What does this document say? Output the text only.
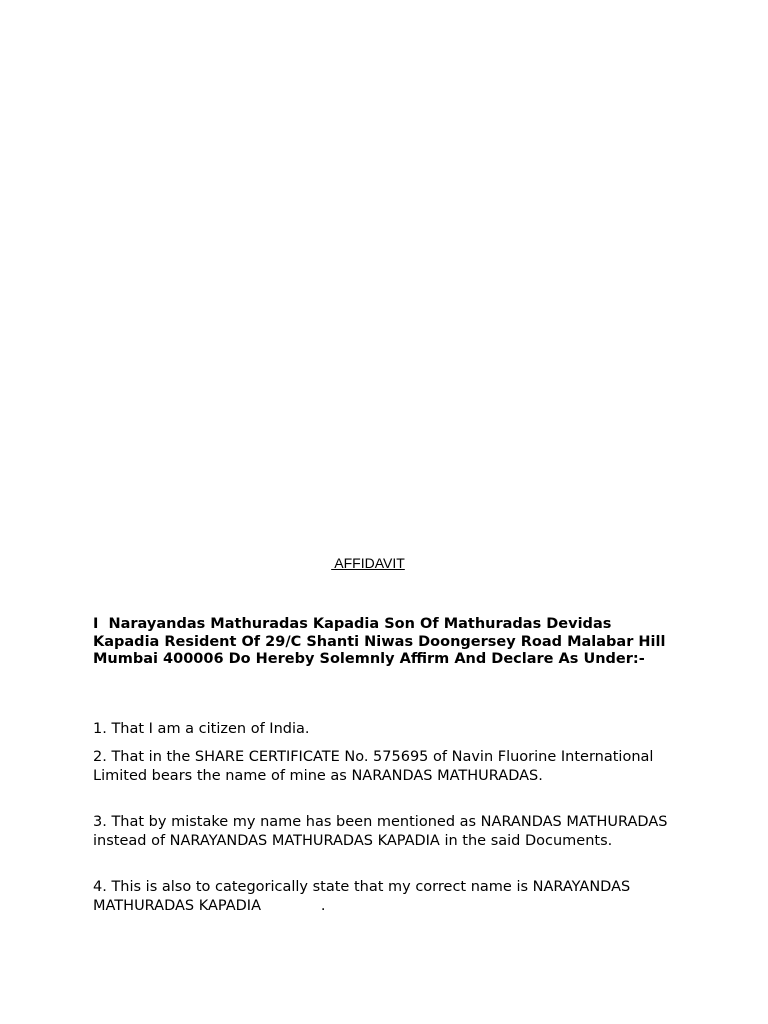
AFFIDAVIT
I  Narayandas Mathuradas Kapadia Son Of Mathuradas Devidas Kapadia Resident Of 29/C Shanti Niwas Doongersey Road Malabar Hill Mumbai 400006 Do Hereby Solemnly Affirm And Declare As Under:-
1. That I am a citizen of India.
2. That in the SHARE CERTIFICATE No. 575695 of Navin Fluorine International Limited bears the name of mine as NARANDAS MATHURADAS.
3. That by mistake my name has been mentioned as NARANDAS MATHURADAS instead of NARAYANDAS MATHURADAS KAPADIA in the said Documents.
4. This is also to categorically state that my correct name is NARAYANDAS MATHURADAS KAPADIA             .
